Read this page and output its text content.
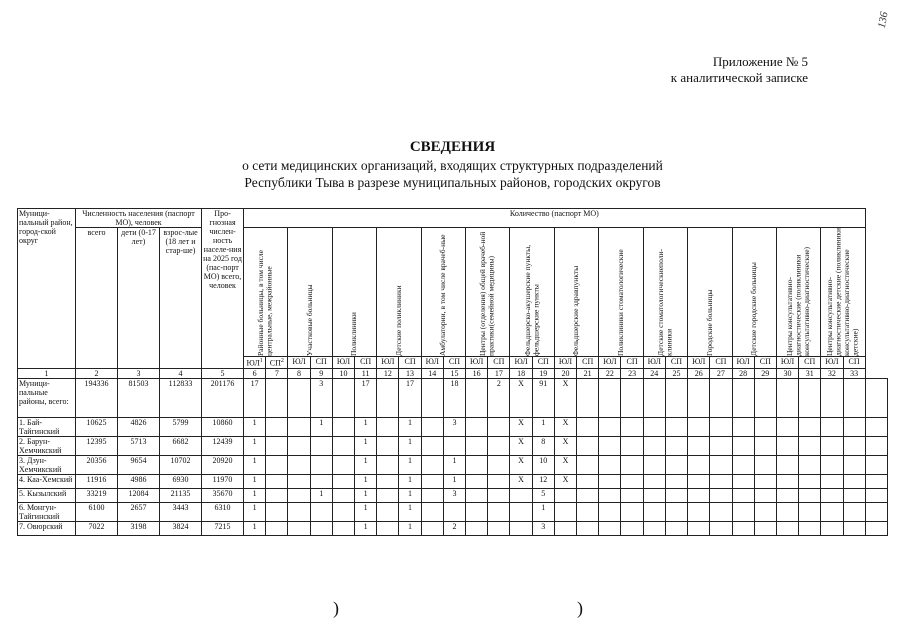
136
Приложение № 5
к аналитической записке
СВЕДЕНИЯ
о сети медицинских организаций, входящих структурных подразделений
Республики Тыва в разрезе муниципальных районов, городских округов
Муници-пальный район, город-ской округ	Численность населения (паспорт МО), человек			Про-гнозная числен-ность населе-ния на 2025 год (пас-порт МО) всего, человек	Количество (паспорт МО)																												
	всего	дети (0-17 лет)	взрос-лые (18 лет и стар-ше)		Районные больницы, в том числе центральные, межрайонные		Участковые больницы		Поликлиники		Детские поликлиники		Амбулатории, в том числе врачеб-ные		Центры (отделения) общей врачеб-ной практики(семейной медицины)		Фельдшерско-акушерские пункты, фельдшерские пункты		Фельдшерские здравпункты		Поликлиники стоматологические		Детские стоматологическиеполи-клиники		Городские больницы		Детские городские больницы		Центры консультативно-диагностические (поликлиники консультативно-диагностические)		Центры консультативно-диагностические детские (поликлиники консультативно-диагностические детские)		

					$ЮЛ^1$	$СП^2$	ЮЛ	СП	ЮЛ	СП	ЮЛ	СП	ЮЛ	СП	ЮЛ	СП	ЮЛ	СП	ЮЛ	СП	ЮЛ	СП	ЮЛ	СП	ЮЛ	СП	ЮЛ	СП	ЮЛ	СП	ЮЛ	СП	
1	2	3	4	5	6	7	8	9	10	11	12	13	14	15	16	17	18	19	20	21	22	23	24	25	26	27	28	29	30	31	32	33	
Муници-пальные районы, всего:	194336	81503	112833	201176	17			3		17		17		18		2	Х	91	Х														
1. Бай-Тайгинский	10625	4826	5799	10860	1			1		1		1		3			Х	1	Х														
2. Барун-Хемчикский	12395	5713	6682	12439	1					1		1					Х	8	Х														
3. Дзун-Хемчикский	20356	9654	10702	20920	1					1		1		1			Х	10	Х														
4. Каа-Хемский	11916	4986	6930	11970	1					1		1		1			Х	12	Х														
5. Кызылский	33219	12084	21135	35670	1			1		1		1		3				5															
6. Монгун-Тайгинский	6100	2657	3443	6310	1					1		1						1															
7. Овюрский	7022	3198	3824	7215	1					1		1		2				3															
)	)
